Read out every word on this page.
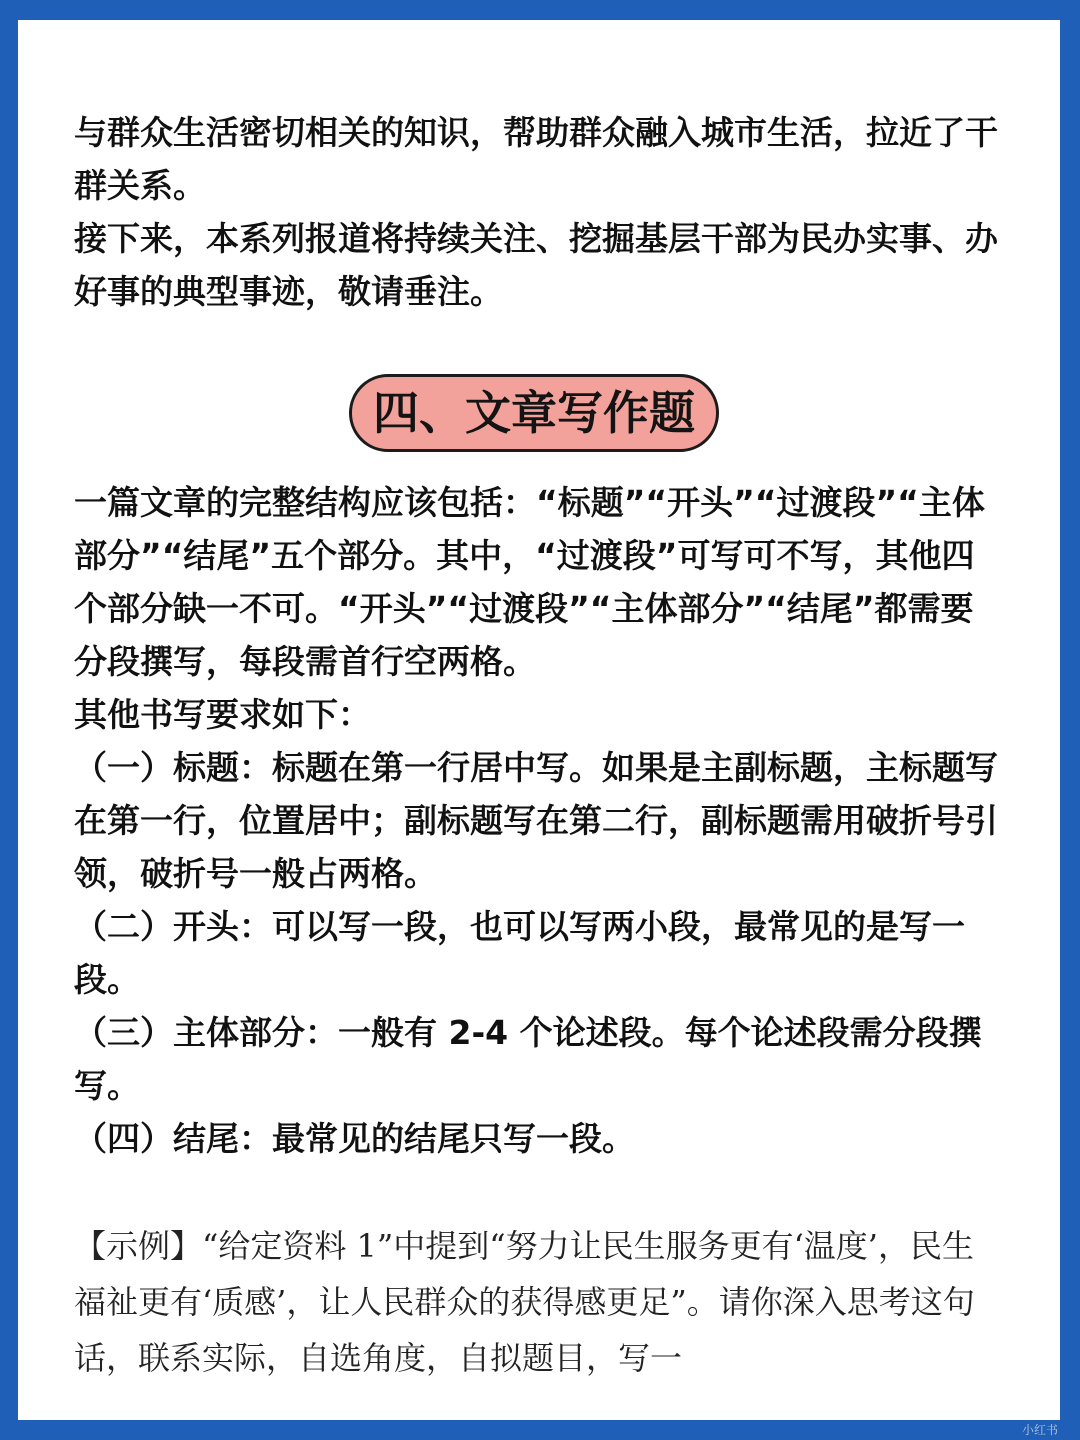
与群众生活密切相关的知识，帮助群众融入城市生活，拉近了干群关系。

接下来，本系列报道将持续关注、挖掘基层干部为民办实事、办好事的典型事迹，敬请垂注。

四、文章写作题

一篇文章的完整结构应该包括：“标题”“开头”“过渡段”“主体部分”“结尾”五个部分。其中，“过渡段”可写可不写，其他四个部分缺一不可。“开头”“过渡段”“主体部分”“结尾”都需要分段撰写，每段需首行空两格。

其他书写要求如下：

（一）标题：标题在第一行居中写。如果是主副标题，主标题写在第一行，位置居中；副标题写在第二行，副标题需用破折号引领，破折号一般占两格。

（二）开头：可以写一段，也可以写两小段，最常见的是写一段。

（三）主体部分：一般有 2-4 个论述段。每个论述段需分段撰写。

（四）结尾：最常见的结尾只写一段。

【示例】“给定资料 1”中提到“努力让民生服务更有‘温度’，民生福祉更有‘质感’，让人民群众的获得感更足”。请你深入思考这句话，联系实际，自选角度，自拟题目，写一

小红书
